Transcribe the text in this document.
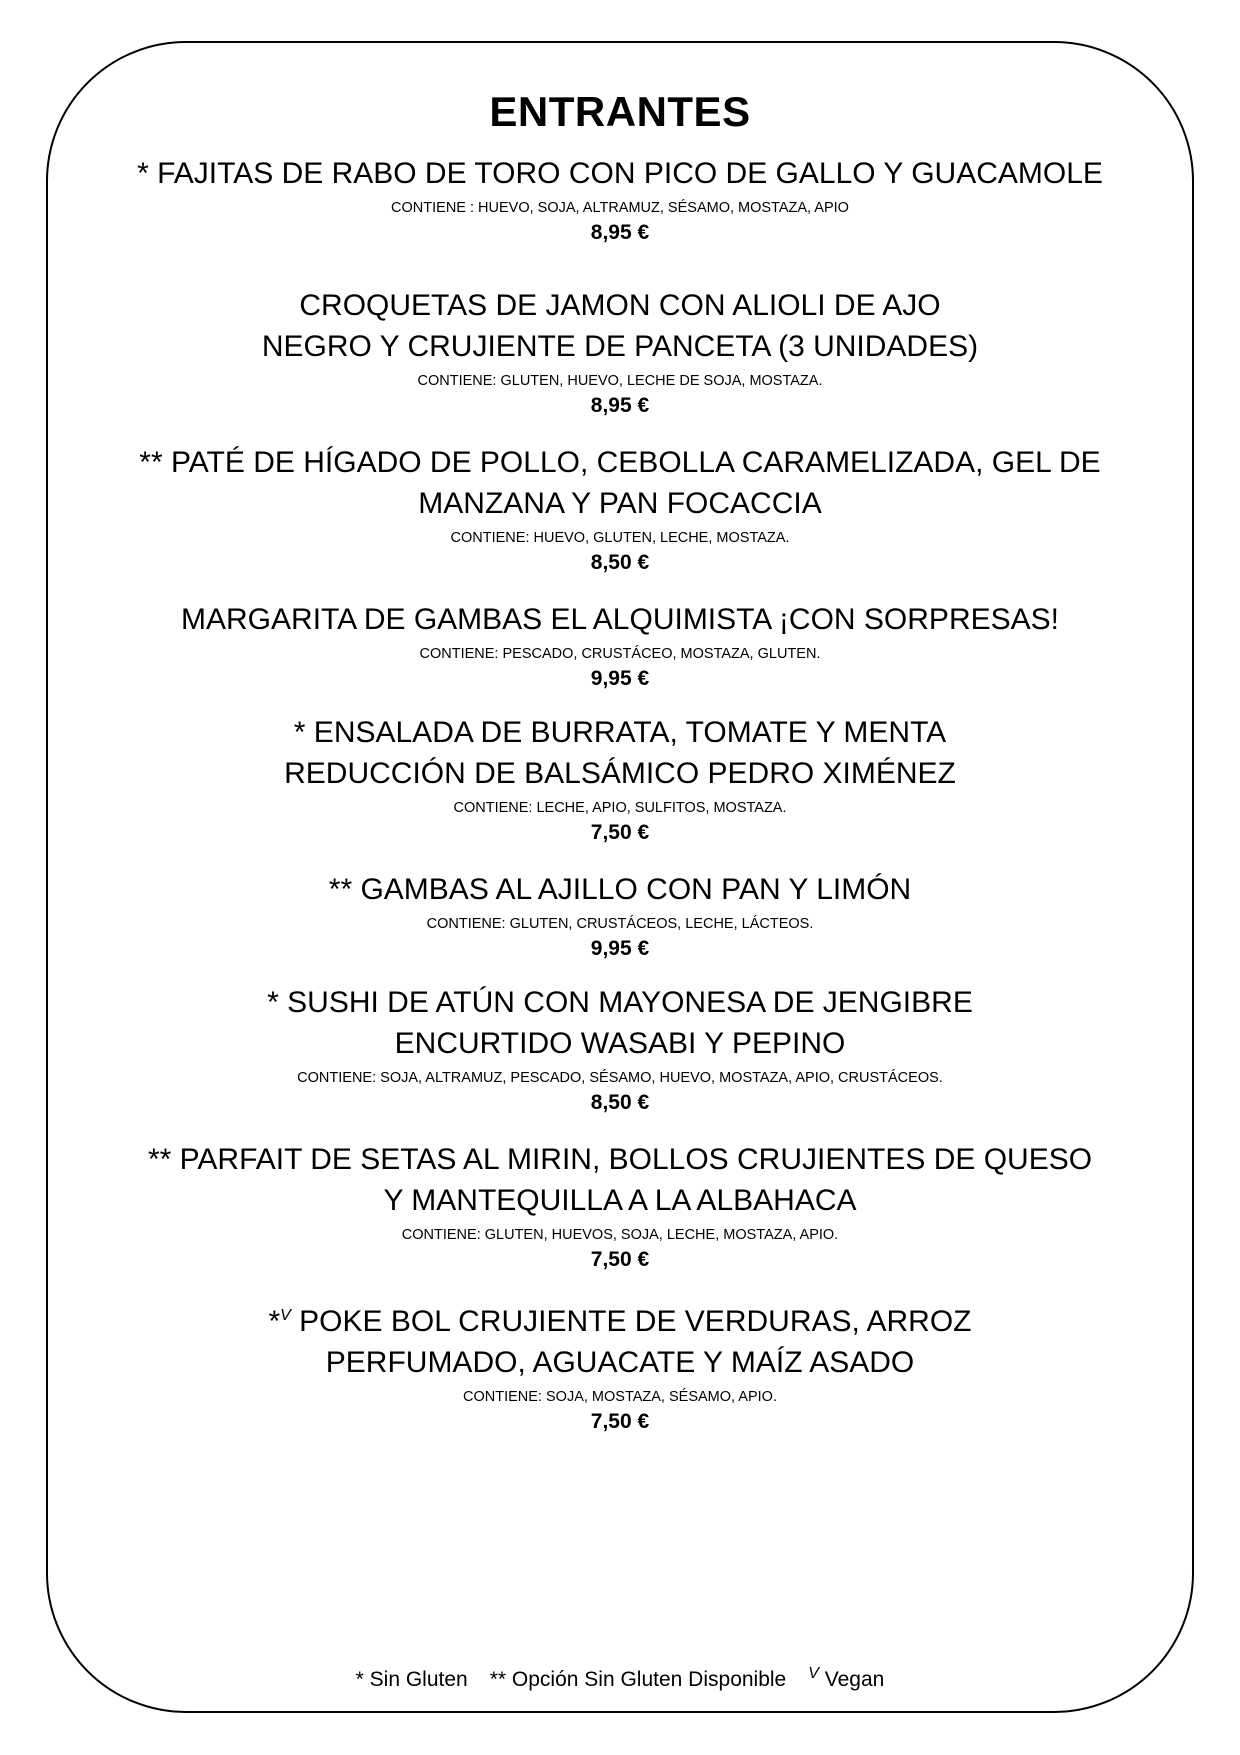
ENTRANTES
* FAJITAS DE RABO DE TORO CON PICO DE GALLO Y GUACAMOLE
CONTIENE : HUEVO, SOJA, ALTRAMUZ, SÉSAMO, MOSTAZA, APIO
8,95 €
CROQUETAS DE JAMON CON ALIOLI DE AJO
NEGRO Y CRUJIENTE DE PANCETA (3 UNIDADES)
CONTIENE: GLUTEN, HUEVO, LECHE DE SOJA, MOSTAZA.
8,95 €
** PATÉ DE HÍGADO DE POLLO, CEBOLLA CARAMELIZADA, GEL DE
MANZANA Y PAN FOCACCIA
CONTIENE: HUEVO, GLUTEN, LECHE, MOSTAZA.
8,50 €
MARGARITA DE GAMBAS EL ALQUIMISTA ¡CON SORPRESAS!
CONTIENE: PESCADO, CRUSTÁCEO, MOSTAZA, GLUTEN.
9,95 €
* ENSALADA DE BURRATA, TOMATE Y MENTA
REDUCCIÓN DE BALSÁMICO PEDRO XIMÉNEZ
CONTIENE: LECHE, APIO, SULFITOS, MOSTAZA.
7,50 €
** GAMBAS AL AJILLO CON PAN Y LIMÓN
CONTIENE: GLUTEN, CRUSTÁCEOS, LECHE, LÁCTEOS.
9,95 €
* SUSHI DE ATÚN CON MAYONESA DE JENGIBRE
ENCURTIDO WASABI Y PEPINO
CONTIENE: SOJA, ALTRAMUZ, PESCADO, SÉSAMO, HUEVO, MOSTAZA, APIO, CRUSTÁCEOS.
8,50 €
** PARFAIT DE SETAS AL MIRIN, BOLLOS CRUJIENTES DE QUESO
Y MANTEQUILLA A LA ALBAHACA
CONTIENE: GLUTEN, HUEVOS, SOJA, LECHE, MOSTAZA, APIO.
7,50 €
*$^V$ POKE BOL CRUJIENTE DE VERDURAS, ARROZ
PERFUMADO, AGUACATE Y MAÍZ ASADO
CONTIENE: SOJA, MOSTAZA, SÉSAMO, APIO.
7,50 €
* Sin Gluten ** Opción Sin Gluten Disponible $^V$ Vegan
